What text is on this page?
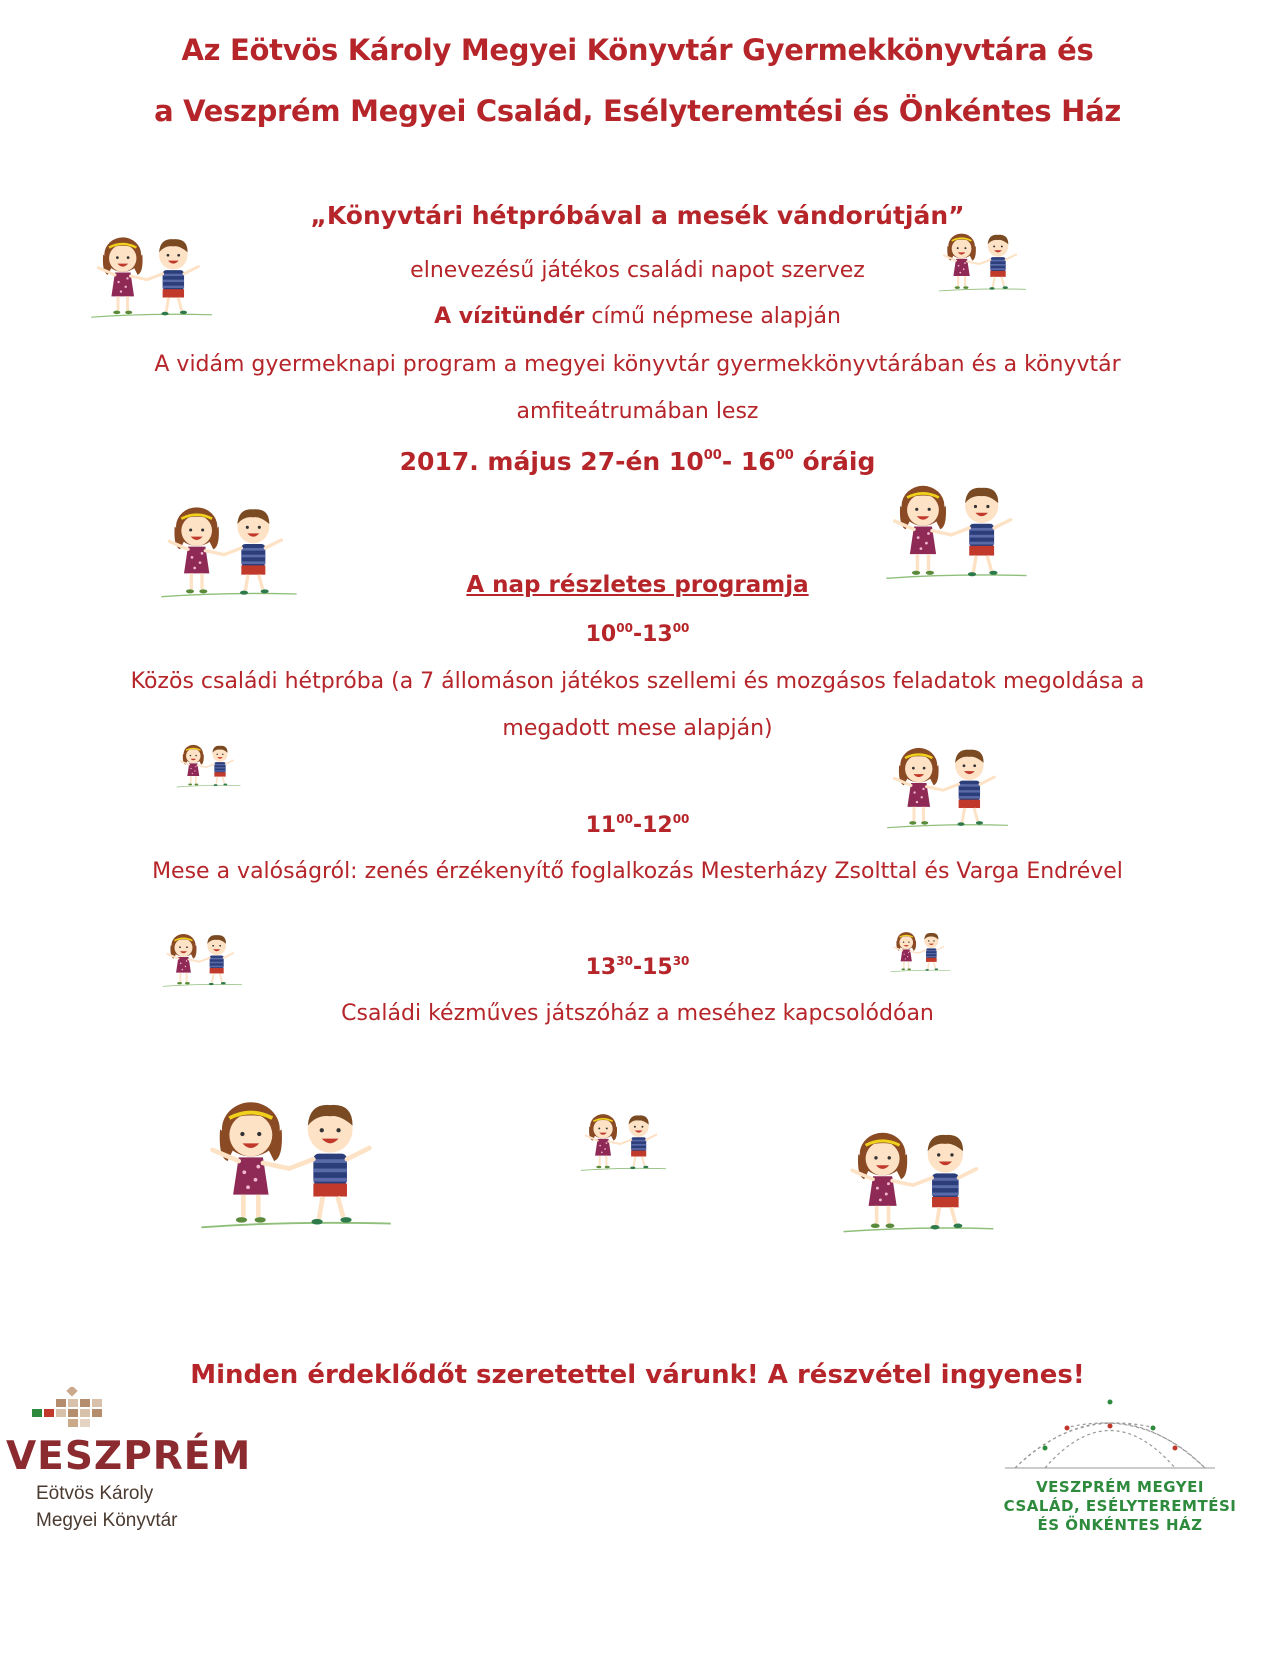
Az Eötvös Károly Megyei Könyvtár Gyermekkönyvtára és
a Veszprém Megyei Család, Esélyteremtési és Önkéntes Ház
„Könyvtári hétpróbával a mesék vándorútján”
elnevezésű játékos családi napot szervez
A vízitündér című népmese alapján
A vidám gyermeknapi program a megyei könyvtár gyermekkönyvtárában és a könyvtár
amfiteátrumában lesz
2017. május 27-én $10^{00}-$ $16^{00}$ óráig
A nap részletes programja
$10^{00}-13^{00}$
Közös családi hétpróba (a 7 állomáson játékos szellemi és mozgásos feladatok megoldása a
megadott mese alapján)
$11^{00}-12^{00}$
Mese a valóságról: zenés érzékenyítő foglalkozás Mesterházy Zsolttal és Varga Endrével
$13^{30}-15^{30}$
Családi kézműves játszóház a meséhez kapcsolódóan
Minden érdeklődőt szeretettel várunk! A részvétel ingyenes!
VESZPRÉM
Eötvös Károly
Megyei Könyvtár
VESZPRÉM MEGYEI
CSALÁD, ESÉLYTEREMTÉSI
ÉS ÖNKÉNTES HÁZ
